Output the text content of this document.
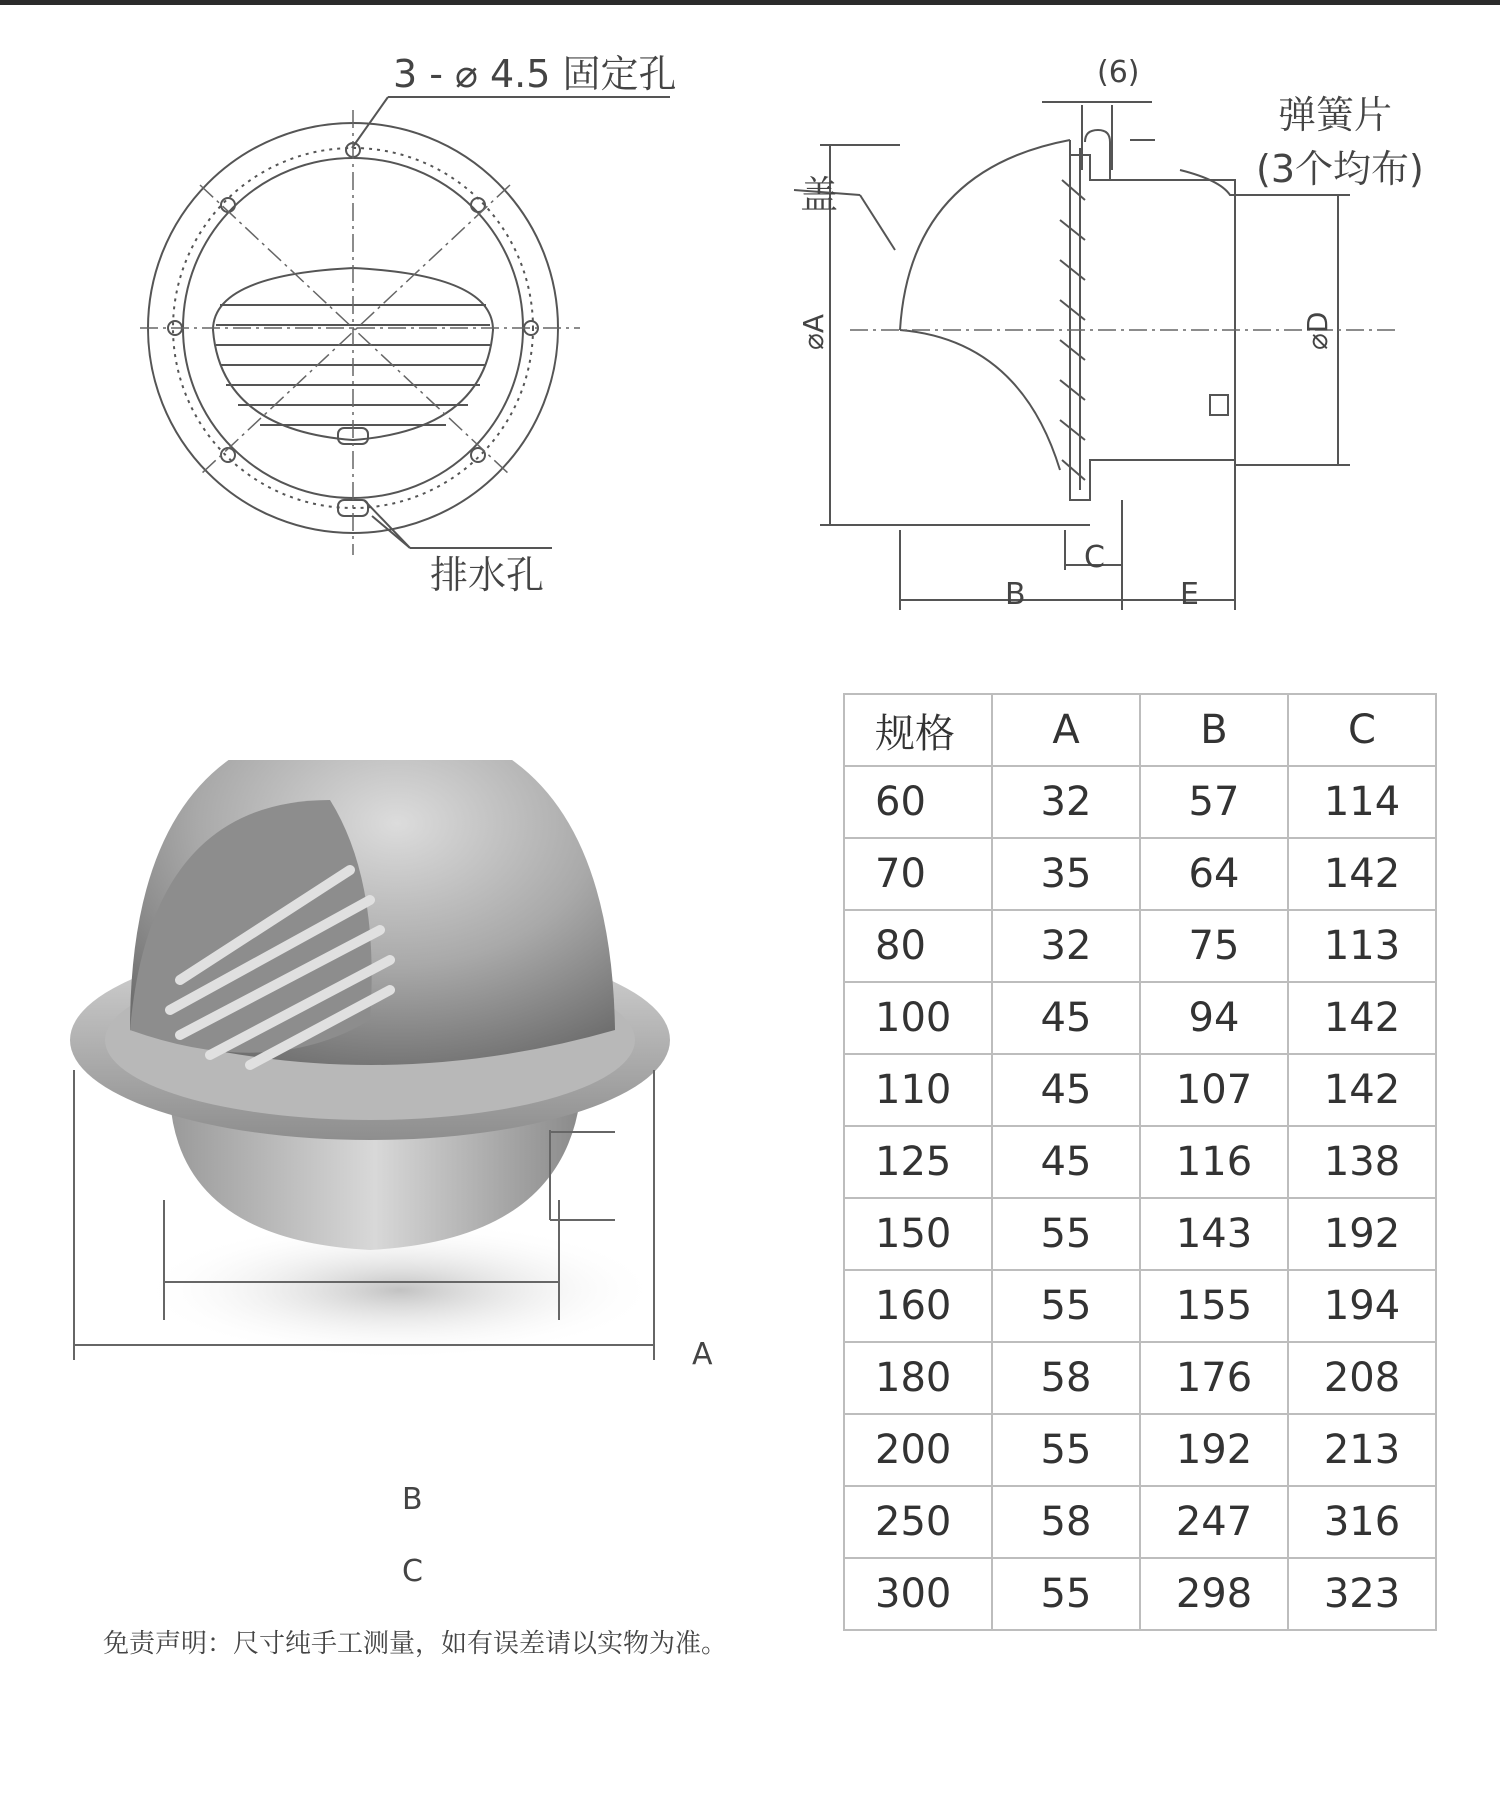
3 - ⌀ 4.5 固定孔
排水孔
(6)
弹簧片
(3个均布)
盖
⌀A	⌀D
B
C
E
A
B
C
免责声明：尺寸纯手工测量，如有误差请以实物为准。
规格	A	B	C
60	32	57	114
70	35	64	142
80	32	75	113
100	45	94	142
110	45	107	142
125	45	116	138
150	55	143	192
160	55	155	194
180	58	176	208
200	55	192	213
250	58	247	316
300	55	298	323
